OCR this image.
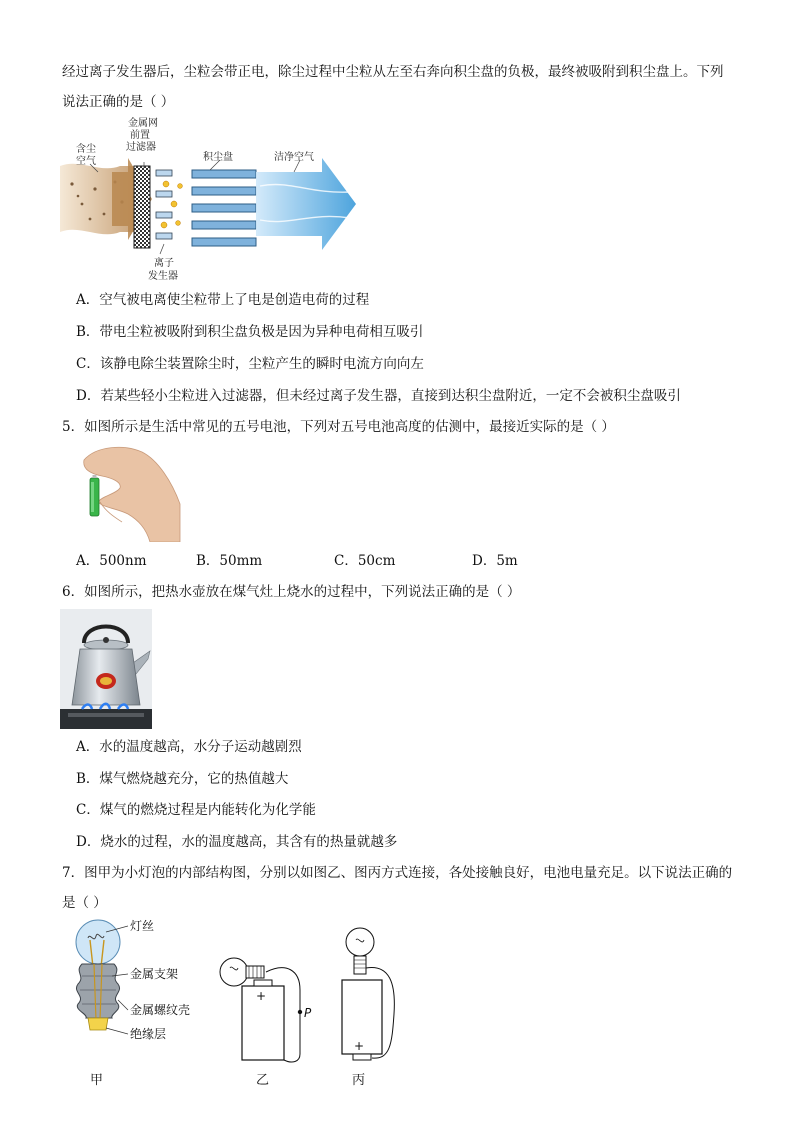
经过离子发生器后，尘粒会带正电，除尘过程中尘粒从左至右奔向积尘盘的负极，最终被吸附到积尘盘上。下列
说法正确的是（ ）
含尘
空气
金属网
前置
过滤器
积尘盘	洁净空气
离子
发生器
A．空气被电离使尘粒带上了电是创造电荷的过程
B．带电尘粒被吸附到积尘盘负极是因为异种电荷相互吸引
C．该静电除尘装置除尘时，尘粒产生的瞬时电流方向向左
D．若某些轻小尘粒进入过滤器，但未经过离子发生器，直接到达积尘盘附近，一定不会被积尘盘吸引
5．如图所示是生活中常见的五号电池，下列对五号电池高度的估测中，最接近实际的是（ ）
A．500nm	B．50mm	C．50cm	D．5m
6．如图所示，把热水壶放在煤气灶上烧水的过程中，下列说法正确的是（ ）
A．水的温度越高，水分子运动越剧烈
B．煤气燃烧越充分，它的热值越大
C．煤气的燃烧过程是内能转化为化学能
D．烧水的过程，水的温度越高，其含有的热量就越多
7．图甲为小灯泡的内部结构图，分别以如图乙、图丙方式连接，各处接触良好，电池电量充足。以下说法正确的
是（ ）
灯丝
金属支架
金属螺纹壳
绝缘层
+
P
+
甲	乙	丙
